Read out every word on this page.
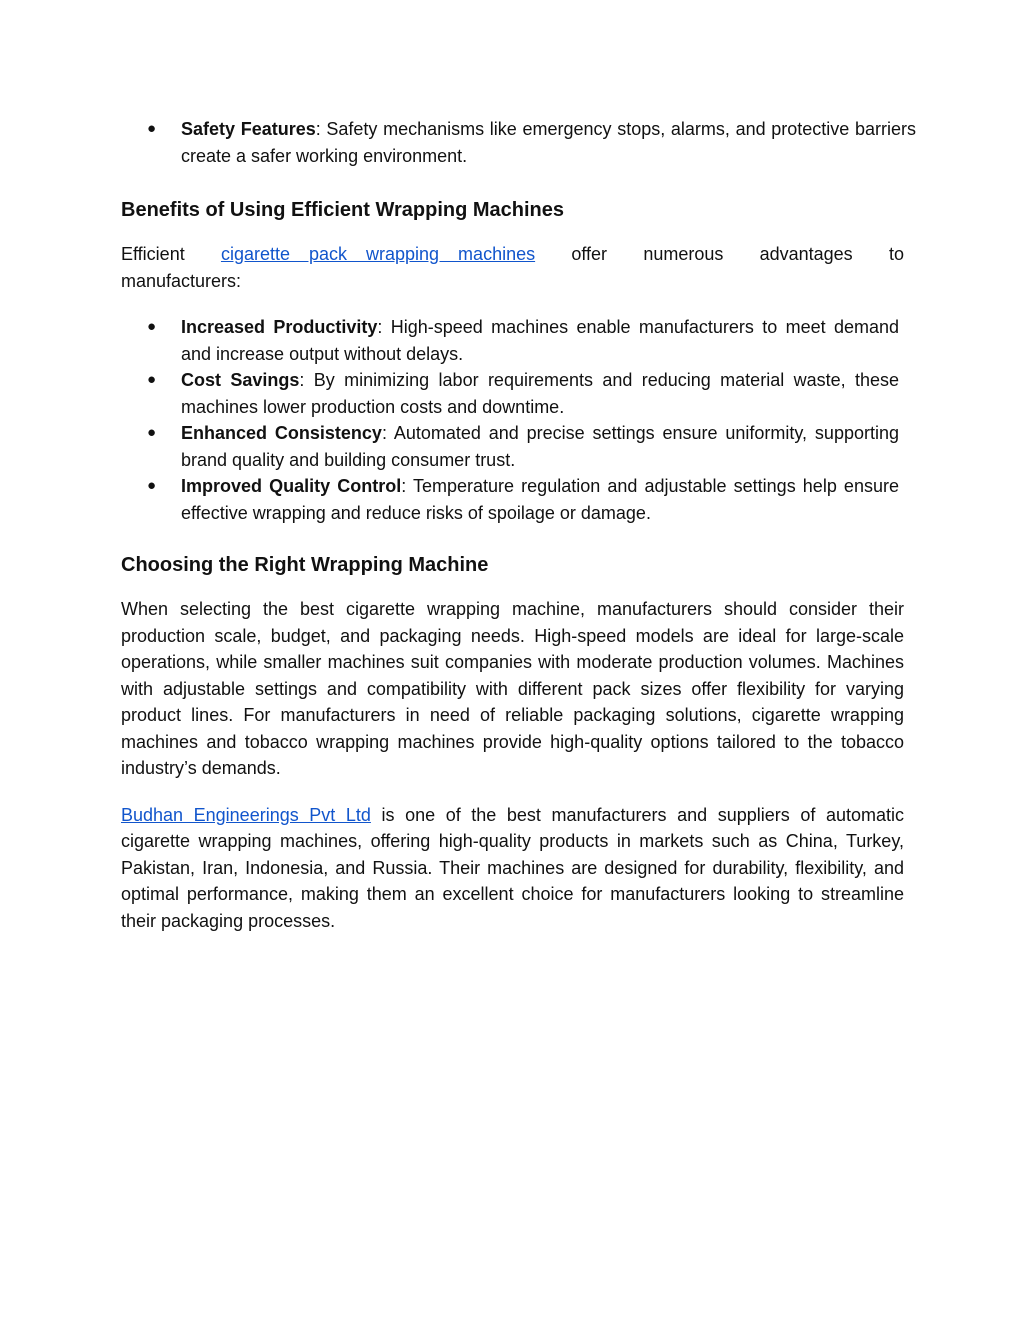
● Safety Features: Safety mechanisms like emergency stops, alarms, and protective barriers create a safer working environment.
Benefits of Using Efficient Wrapping Machines

Efficient cigarette pack wrapping machines offer numerous advantages to

manufacturers:

● Increased Productivity: High-speed machines enable manufacturers to meet demand and increase output without delays.
● Cost Savings: By minimizing labor requirements and reducing material waste, these machines lower production costs and downtime.
● Enhanced Consistency: Automated and precise settings ensure uniformity, supporting brand quality and building consumer trust.
● Improved Quality Control: Temperature regulation and adjustable settings help ensure effective wrapping and reduce risks of spoilage or damage.
Choosing the Right Wrapping Machine

When selecting the best cigarette wrapping machine, manufacturers should consider their production scale, budget, and packaging needs. High-speed models are ideal for large-scale operations, while smaller machines suit companies with moderate production volumes. Machines with adjustable settings and compatibility with different pack sizes offer flexibility for varying product lines. For manufacturers in need of reliable packaging solutions, cigarette wrapping machines and tobacco wrapping machines provide high-quality options tailored to the tobacco industry’s demands.

Budhan Engineerings Pvt Ltd is one of the best manufacturers and suppliers of automatic cigarette wrapping machines, offering high-quality products in markets such as China, Turkey, Pakistan, Iran, Indonesia, and Russia. Their machines are designed for durability, flexibility, and optimal performance, making them an excellent choice for manufacturers looking to streamline their packaging processes.
